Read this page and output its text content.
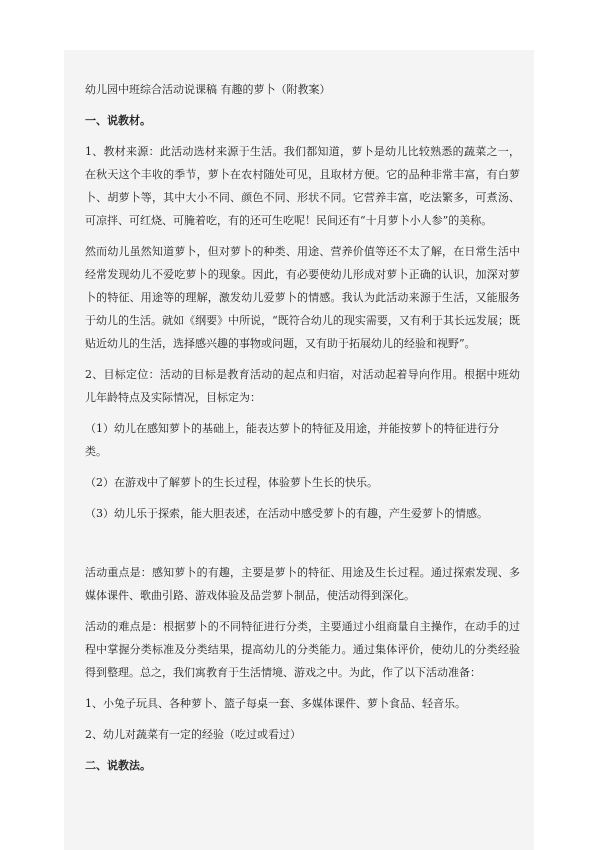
幼儿园中班综合活动说课稿 有趣的萝卜（附教案）
一、说教材。
1、教材来源：此活动选材来源于生活。我们都知道，萝卜是幼儿比较熟悉的蔬菜之一，在秋天这个丰收的季节，萝卜在农村随处可见，且取材方便。它的品种非常丰富，有白萝卜、胡萝卜等，其中大小不同、颜色不同、形状不同。它营养丰富，吃法繁多，可煮汤、可凉拌、可红烧、可腌着吃，有的还可生吃呢！民间还有“十月萝卜小人参”的美称。
然而幼儿虽然知道萝卜，但对萝卜的种类、用途、营养价值等还不太了解，在日常生活中经常发现幼儿不爱吃萝卜的现象。因此，有必要使幼儿形成对萝卜正确的认识，加深对萝卜的特征、用途等的理解，激发幼儿爱萝卜的情感。我认为此活动来源于生活，又能服务于幼儿的生活。就如《纲要》中所说，“既符合幼儿的现实需要，又有利于其长远发展；既贴近幼儿的生活，选择感兴趣的事物或问题，又有助于拓展幼儿的经验和视野”。
2、目标定位：活动的目标是教育活动的起点和归宿，对活动起着导向作用。根据中班幼儿年龄特点及实际情况，目标定为：
（1）幼儿在感知萝卜的基础上，能表达萝卜的特征及用途，并能按萝卜的特征进行分类。
（2）在游戏中了解萝卜的生长过程，体验萝卜生长的快乐。
（3）幼儿乐于探索，能大胆表述，在活动中感受萝卜的有趣，产生爱萝卜的情感。
活动重点是：感知萝卜的有趣，主要是萝卜的特征、用途及生长过程。通过探索发现、多媒体课件、歌曲引路、游戏体验及品尝萝卜制品，使活动得到深化。
活动的难点是：根据萝卜的不同特征进行分类，主要通过小组商量自主操作，在动手的过程中掌握分类标准及分类结果，提高幼儿的分类能力。通过集体评价，使幼儿的分类经验得到整理。总之，我们寓教育于生活情境、游戏之中。为此，作了以下活动准备：
1、小兔子玩具、各种萝卜、篮子每桌一套、多媒体课件、萝卜食品、轻音乐。
2、幼儿对蔬菜有一定的经验（吃过或看过）
二、说教法。
